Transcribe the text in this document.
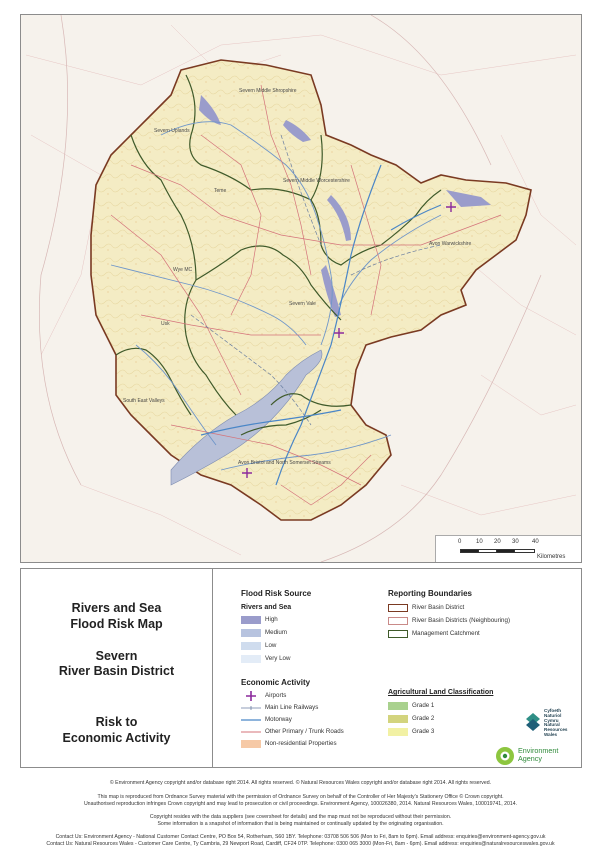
Severn Middle Shropshire
Severn Uplands
Teme
Severn Middle Worcestershire
Avon Warwickshire
Wye MC
Severn Vale
Usk
South East Valleys
Avon Bristol and North Somerset Streams
0 10 20 30 40
Kilometres
Rivers and Sea
Flood Risk Map
Severn
River Basin District
Risk to
Economic Activity
Flood Risk Source
Rivers and Sea
High
Medium
Low
Very Low
Economic Activity
Airports
Main Line Railways
Motorway
Other Primary / Trunk Roads
Non-residential Properties
Reporting Boundaries
River Basin District
River Basin Districts (Neighbouring)
Management Catchment
Agricultural Land Classification
Grade 1
Grade 2
Grade 3
Cyfoeth
Naturiol
Cymru
Natural
Resources
Wales
Environment
Agency
© Environment Agency copyright and/or database right 2014. All rights reserved. © Natural Resources Wales copyright and/or database right 2014. All rights reserved.
This map is reproduced from Ordnance Survey material with the permission of Ordnance Survey on behalf of the Controller of Her Majesty's Stationery Office © Crown copyright.
Unauthorised reproduction infringes Crown copyright and may lead to prosecution or civil proceedings. Environment Agency, 100026380, 2014. Natural Resources Wales, 100019741, 2014.
Copyright resides with the data suppliers (see coversheet for details) and the map must not be reproduced without their permission.
Some information is a snapshot of information that is being maintained or continually updated by the originating organisation.
Contact Us: Environment Agency - National Customer Contact Centre, PO Box 54, Rotherham, S60 1BY. Telephone: 03708 506 506 (Mon to Fri, 8am to 6pm). Email address: enquiries@environment-agency.gov.uk
Contact Us: Natural Resources Wales - Customer Care Centre, Ty Cambria, 29 Newport Road, Cardiff, CF24 0TP. Telephone: 0300 065 3000 (Mon-Fri, 8am - 6pm). Email address: enquiries@naturalresourceswales.gov.uk
